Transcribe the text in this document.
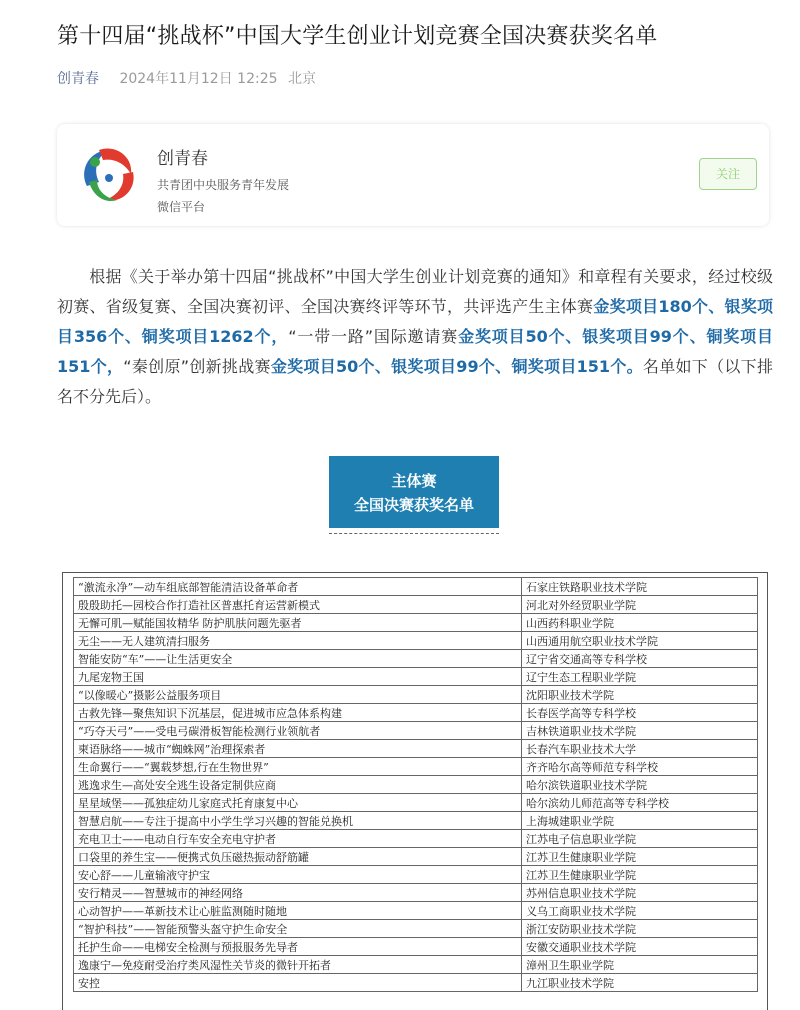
第十四届“挑战杯”中国大学生创业计划竞赛全国决赛获奖名单
创青春 2024年11月12日 12:25 北京
创青春
共青团中央服务青年发展
微信平台
关注

  根据《关于举办第十四届“挑战杯”中国大学生创业计划竞赛的通知》和章程有关要求，经过校级初赛、省级复赛、全国决赛初评、全国决赛终评等环节，共评选产生主体赛金奖项目180个、银奖项目356个、铜奖项目1262个，“一带一路”国际邀请赛金奖项目50个、银奖项目99个、铜奖项目151个，“秦创原”创新挑战赛金奖项目50个、银奖项目99个、铜奖项目151个。名单如下（以下排名不分先后）。

主体赛
全国决赛获奖名单
“激流永净”—动车组底部智能清洁设备革命者	石家庄铁路职业技术学院
殷殷助托—园校合作打造社区普惠托育运营新模式	河北对外经贸职业学院
无懈可肌—赋能国妆精华 防护肌肤问题先驱者	山西药科职业学院
无尘——无人建筑清扫服务	山西通用航空职业技术学院
智能安防“车”——让生活更安全	辽宁省交通高等专科学校
九尾宠物王国	辽宁生态工程职业学院
“以像暖心”摄影公益服务项目	沈阳职业技术学院
古救先锋—聚焦知识下沉基层，促进城市应急体系构建	长春医学高等专科学校
“巧夺天弓”——受电弓碳滑板智能检测行业领航者	吉林铁道职业技术学院
柬语脉络——城市“蜘蛛网”治理探索者	长春汽车职业技术大学
生命翼行——“翼载梦想,行在生物世界”	齐齐哈尔高等师范专科学校
逃逸求生—高处安全逃生设备定制供应商	哈尔滨铁道职业技术学院
星星域堡——孤独症幼儿家庭式托育康复中心	哈尔滨幼儿师范高等专科学校
智慧启航——专注于提高中小学生学习兴趣的智能兑换机	上海城建职业学院
充电卫士——电动自行车安全充电守护者	江苏电子信息职业学院
口袋里的养生宝——便携式负压磁热振动舒筋罐	江苏卫生健康职业学院
安心舒——儿童输液守护宝	江苏卫生健康职业学院
安行精灵——智慧城市的神经网络	苏州信息职业技术学院
心动智护——革新技术让心脏监测随时随地	义乌工商职业技术学院
“智护科技”——智能预警头盔守护生命安全	浙江安防职业技术学院
托护生命——电梯安全检测与预报服务先导者	安徽交通职业技术学院
逸康宁—免疫耐受治疗类风湿性关节炎的微针开拓者	漳州卫生职业学院
安控	九江职业技术学院
